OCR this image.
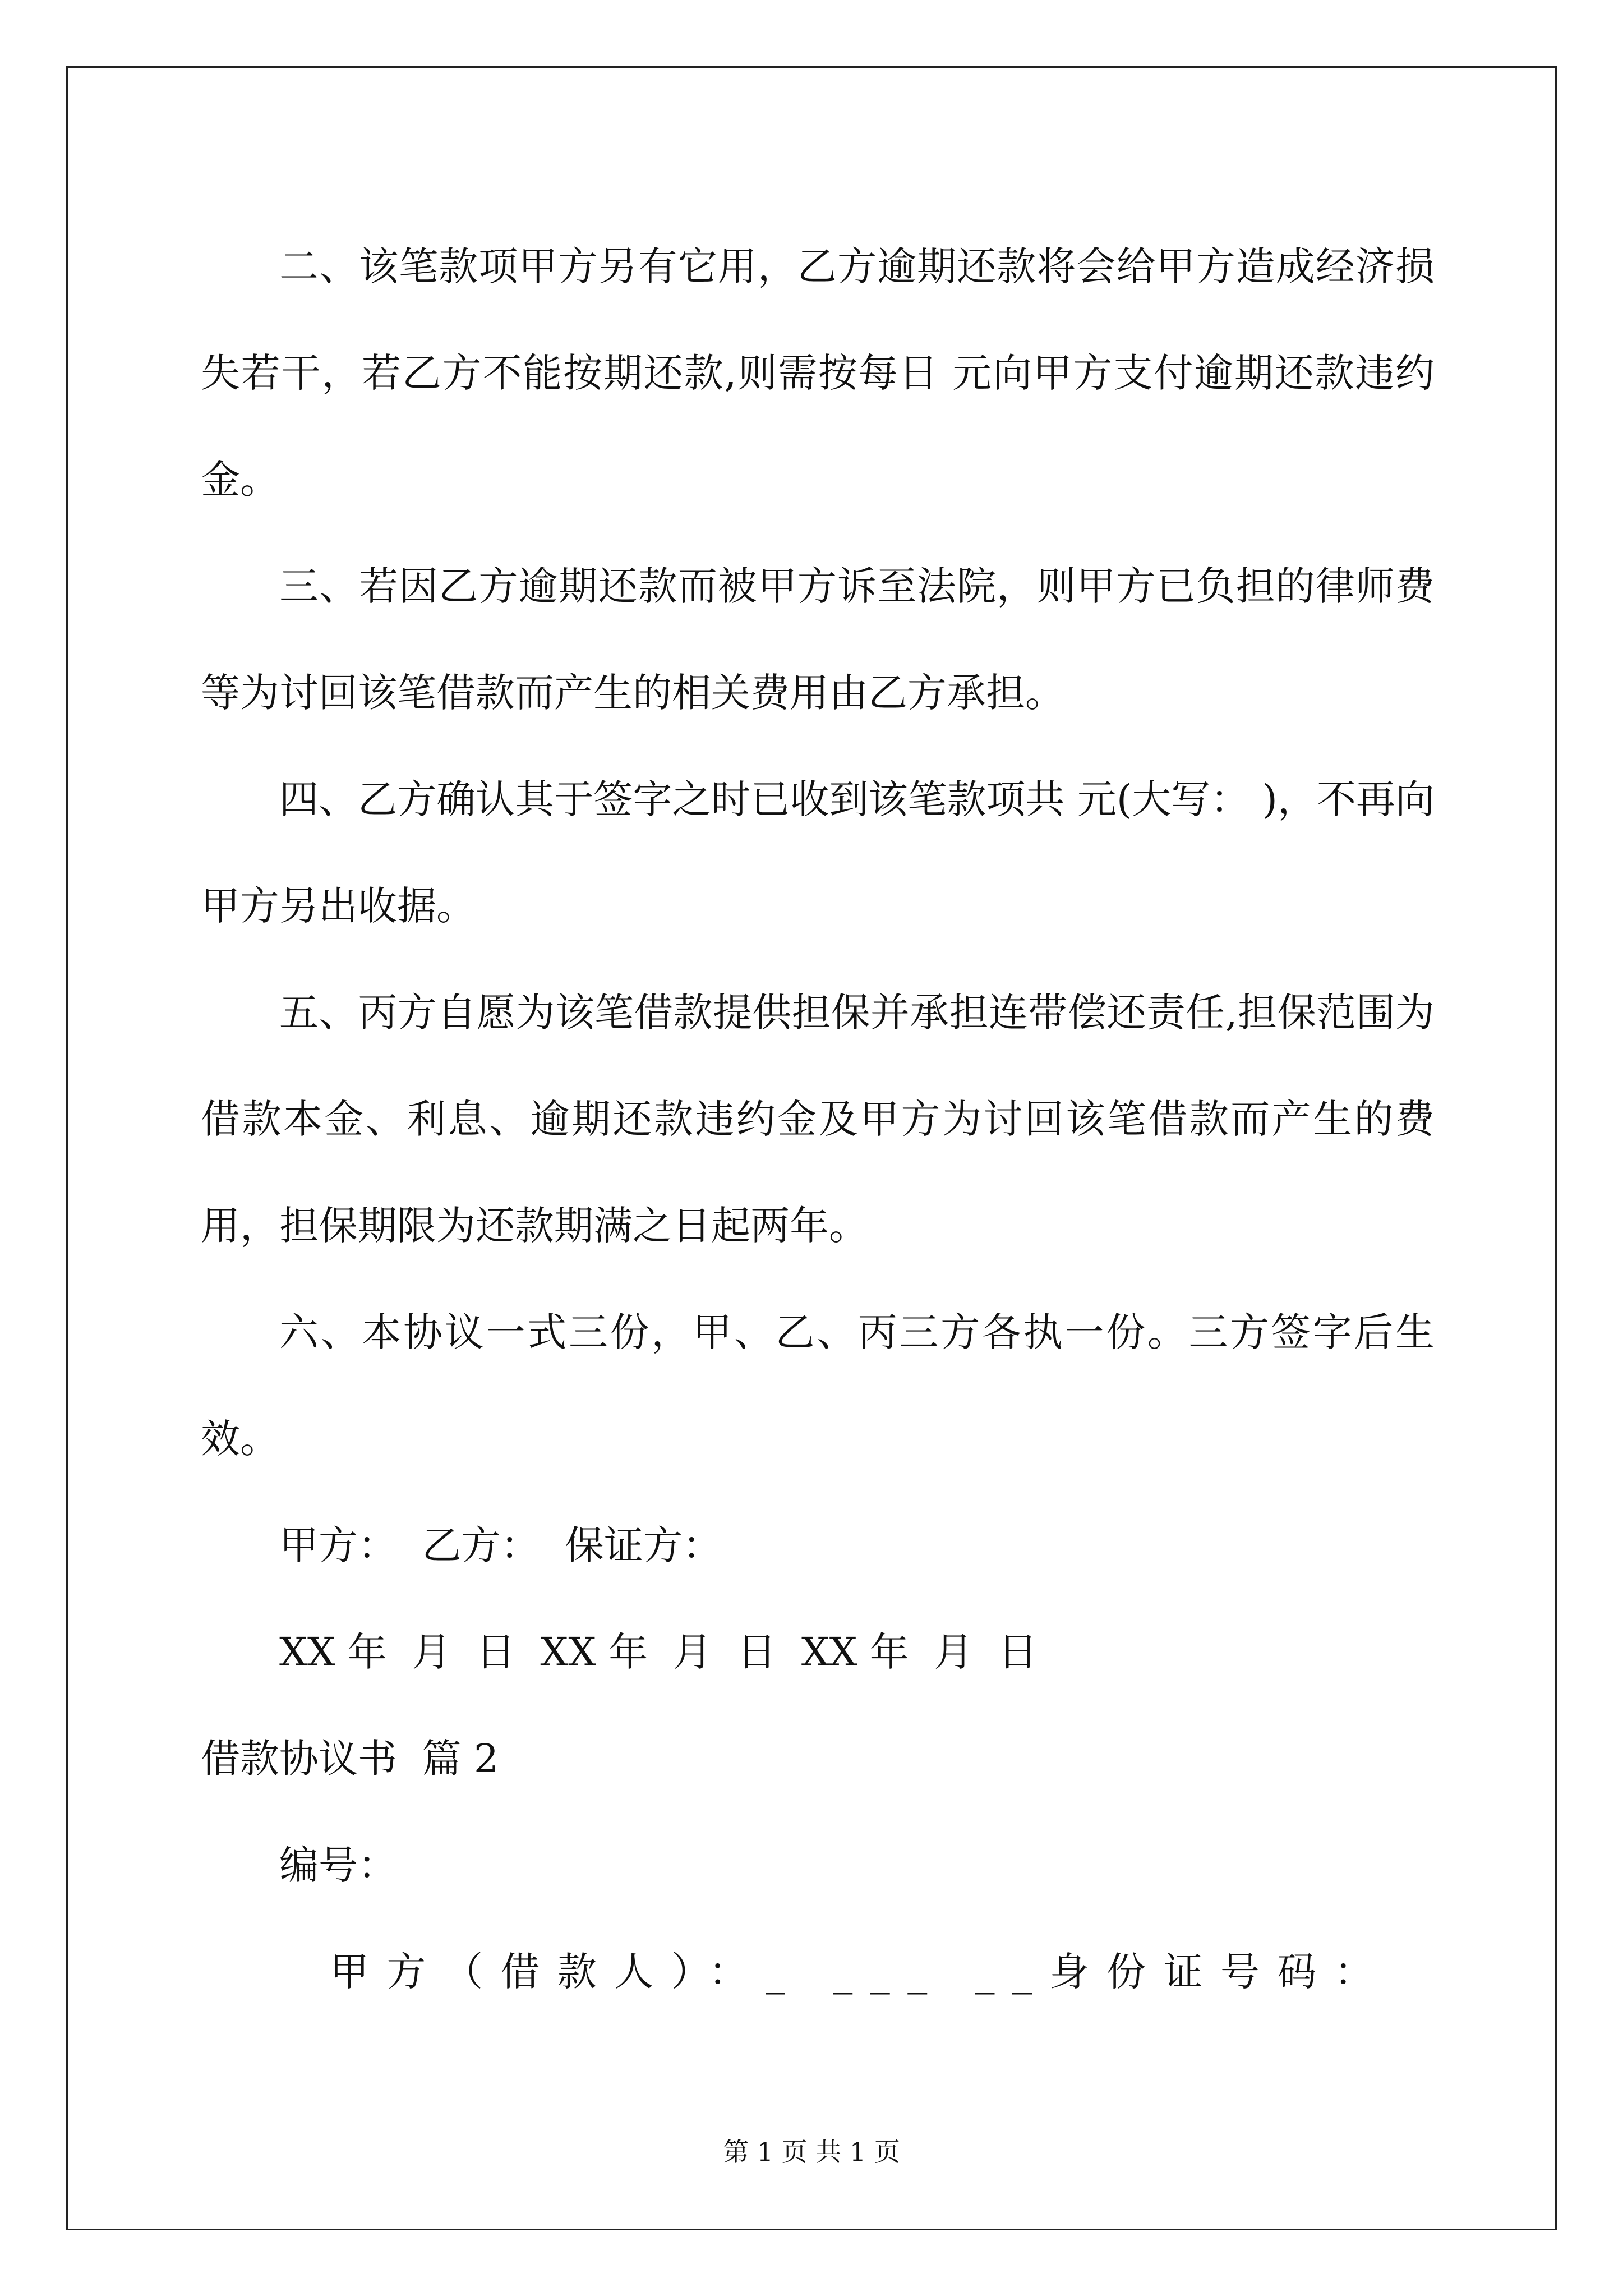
二、该笔款项甲方另有它用，乙方逾期还款将会给甲方造成经济损失若干，若乙方不能按期还款,则需按每日 元向甲方支付逾期还款违约金。

三、若因乙方逾期还款而被甲方诉至法院，则甲方已负担的律师费等为讨回该笔借款而产生的相关费用由乙方承担。

四、乙方确认其于签字之时已收到该笔款项共 元(大写： )，不再向甲方另出收据。

五、丙方自愿为该笔借款提供担保并承担连带偿还责任,担保范围为借款本金、利息、逾期还款违约金及甲方为讨回该笔借款而产生的费用，担保期限为还款期满之日起两年。

六、本协议一式三份，甲、乙、丙三方各执一份。三方签字后生效。

甲方：  乙方：  保证方：

XX 年  月  日  XX 年  月  日  XX 年  月  日

借款协议书  篇 2

编号：

甲方（借款人）：_ ___ __身份证号码：

第 1 页 共 1 页
